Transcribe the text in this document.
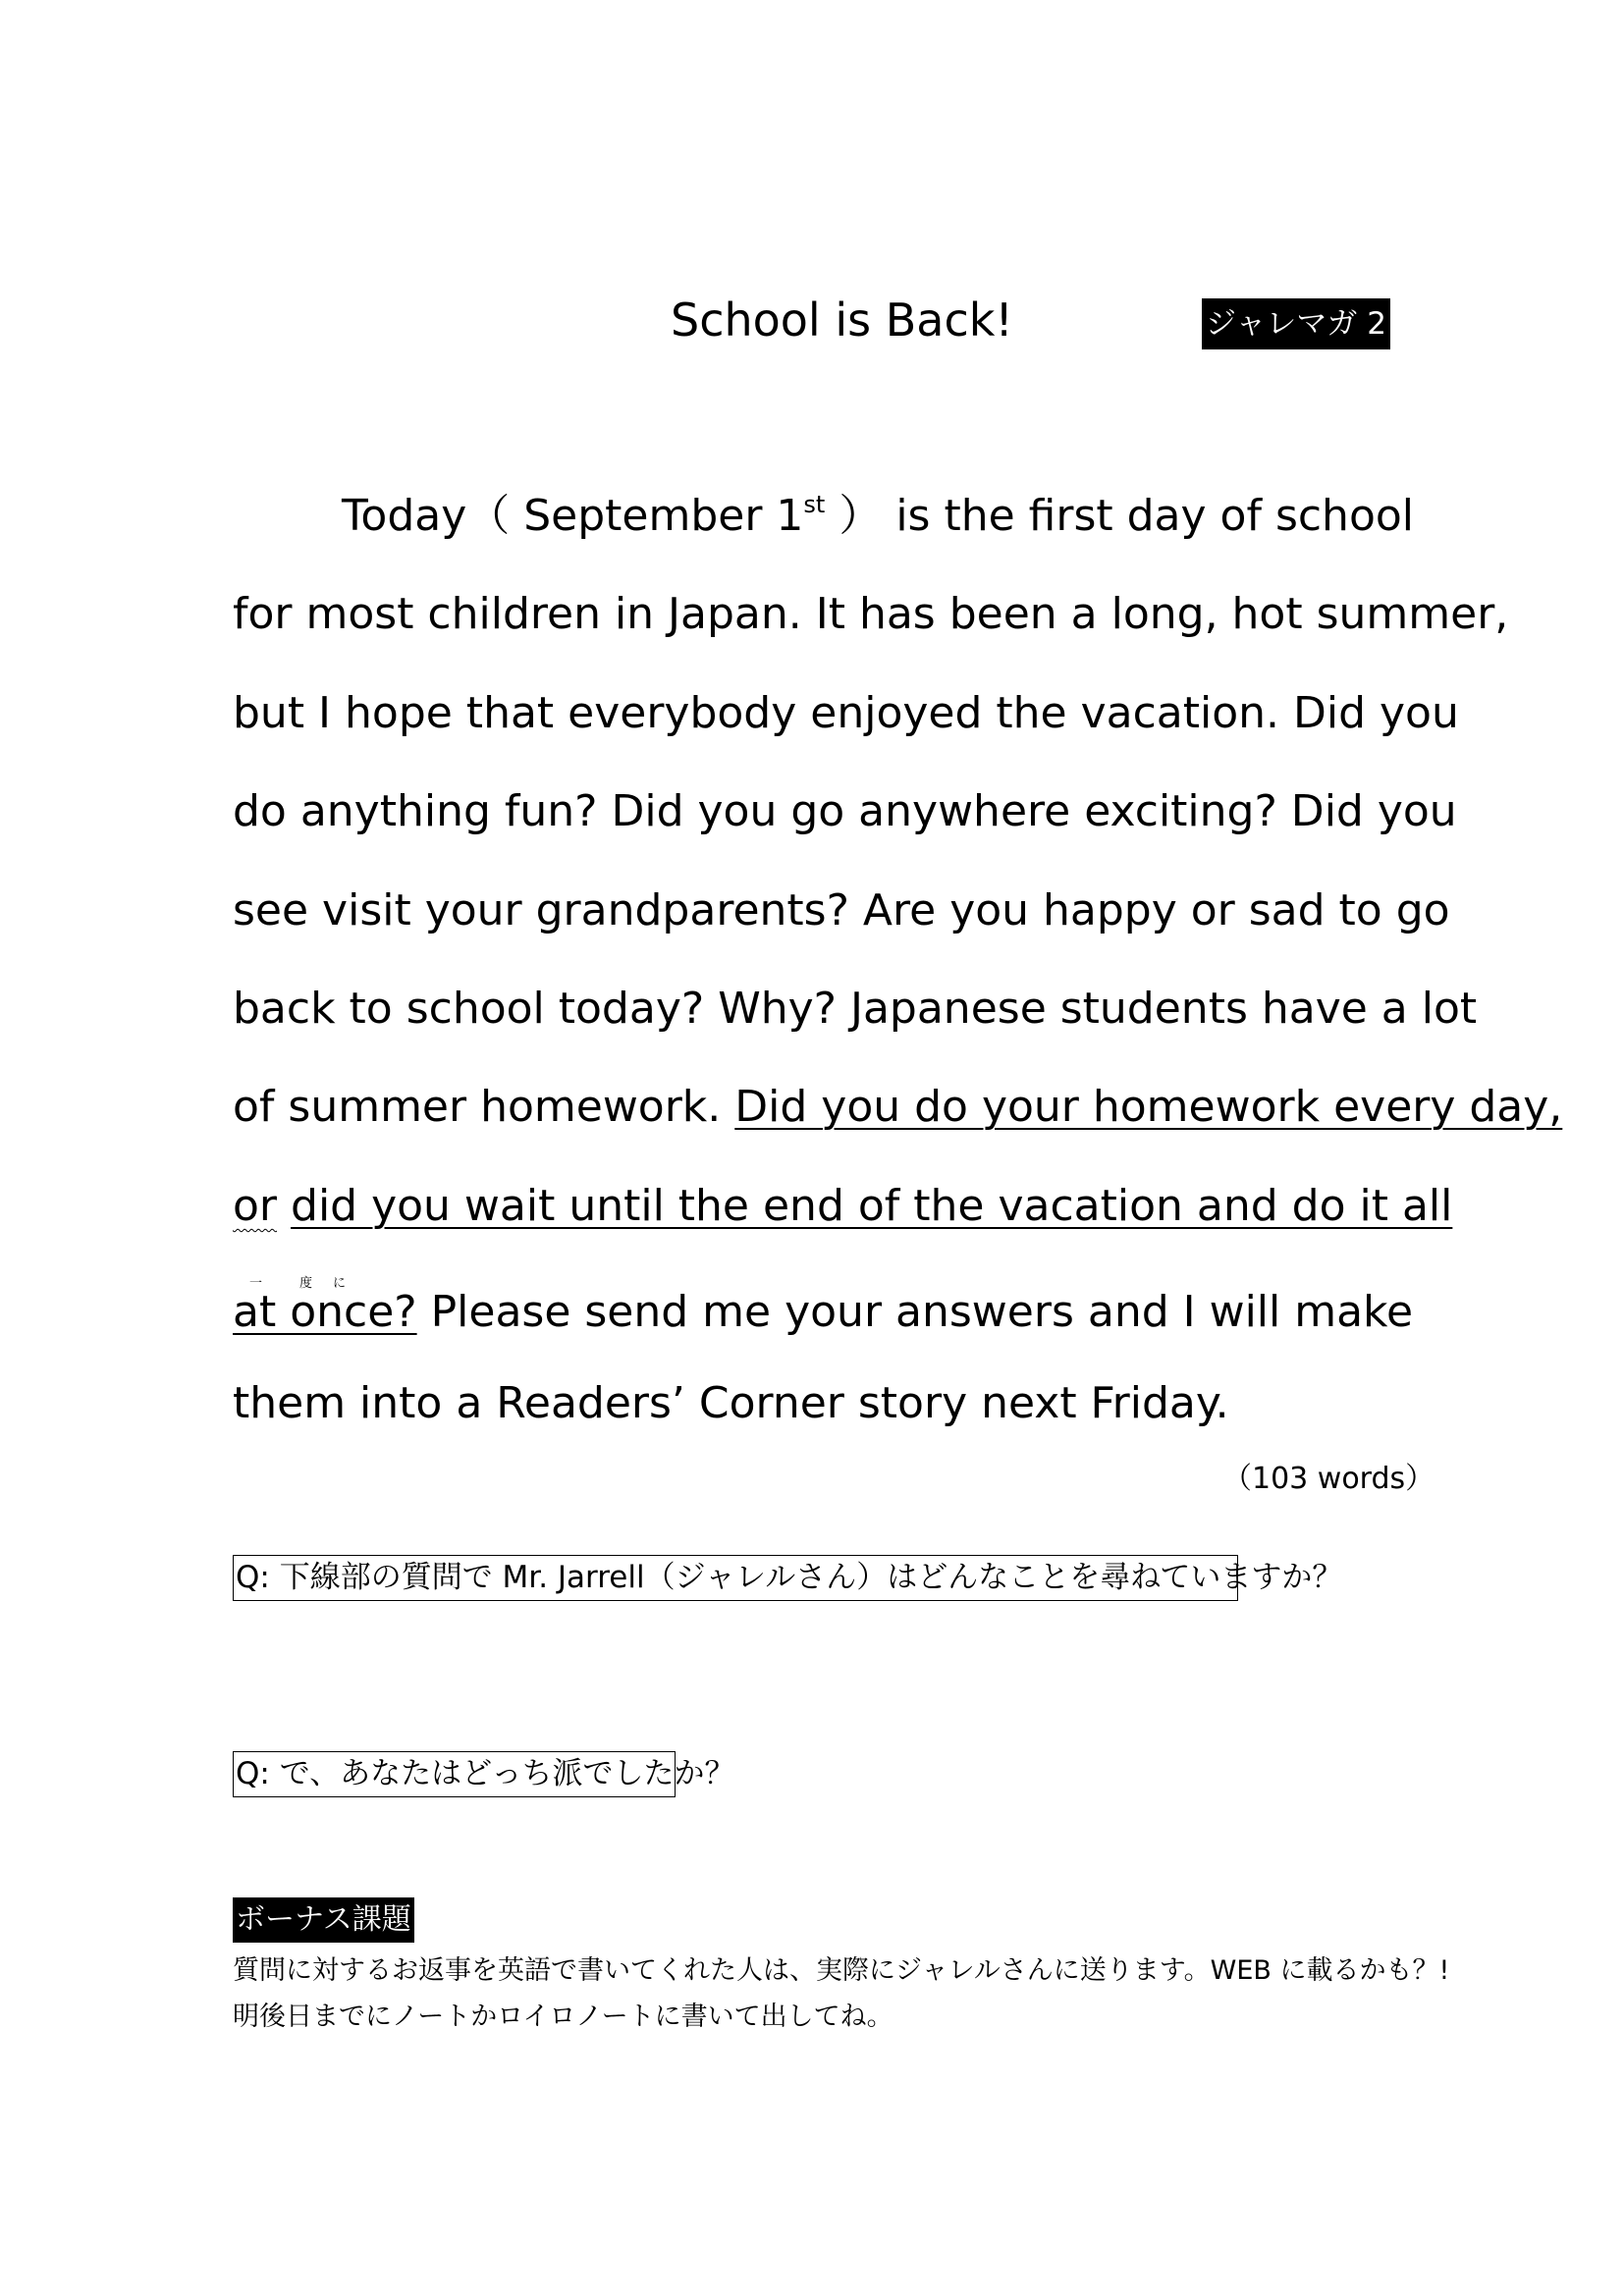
School is Back!	ジャレマガ 2
Today（ September 1st ） is the first day of school
for most children in Japan. It has been a long, hot summer,
but I hope that everybody enjoyed the vacation. Did you
do anything fun? Did you go anywhere exciting? Did you
see visit your grandparents? Are you happy or sad to go
back to school today? Why? Japanese students have a lot
of summer homework. Did you do your homework every day,
or did you wait until the end of the vacation and do it all
一	度 に
at once? Please send me your answers and I will make
them into a Readers’ Corner story next Friday.
（103 words）
Q: 下線部の質問で Mr. Jarrell（ジャレルさん）はどんなことを尋ねていますか？
Q: で、あなたはどっち派でしたか？
ボーナス課題
質問に対するお返事を英語で書いてくれた人は、実際にジャレルさんに送ります。WEB に載るかも？!
明後日までにノートかロイロノートに書いて出してね。
